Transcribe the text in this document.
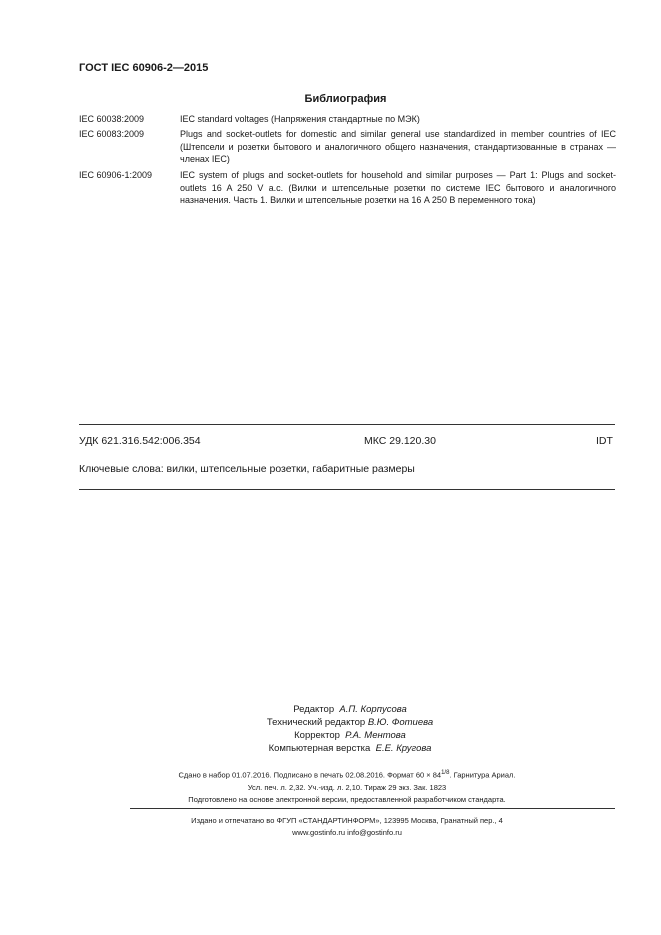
ГОСТ IEC 60906-2—2015
Библиография
IEC 60038:2009	IEC standard voltages (Напряжения стандартные по МЭК)
IEC 60083:2009	Plugs and socket-outlets for domestic and similar general use standardized in member countries of IEC (Штепсели и розетки бытового и аналогичного общего назначения, стандартизованные в странах — членах IEC)
IEC 60906-1:2009	IEC system of plugs and socket-outlets for household and similar purposes — Part 1: Plugs and socket-outlets 16 A 250 V a.c. (Вилки и штепсельные розетки по системе IEC бытового и аналогичного назначения. Часть 1. Вилки и штепсельные розетки на 16 A 250 В переменного тока)
УДК 621.316.542:006.354	МКС 29.120.30	IDT
Ключевые слова: вилки, штепсельные розетки, габаритные размеры
Редактор А.П. Корпусова
Технический редактор В.Ю. Фотиева
Корректор Р.А. Ментова
Компьютерная верстка Е.Е. Кругова
Сдано в набор 01.07.2016. Подписано в печать 02.08.2016. Формат $60 \times 84^{1/8}$. Гарнитура Ариал.
Усл. печ. л. 2,32. Уч.-изд. л. 2,10. Тираж 29 экз. Зак. 1823
Подготовлено на основе электронной версии, предоставленной разработчиком стандарта.
Издано и отпечатано во ФГУП «СТАНДАРТИНФОРМ», 123995 Москва, Гранатный пер., 4
www.gostinfo.ru info@gostinfo.ru
